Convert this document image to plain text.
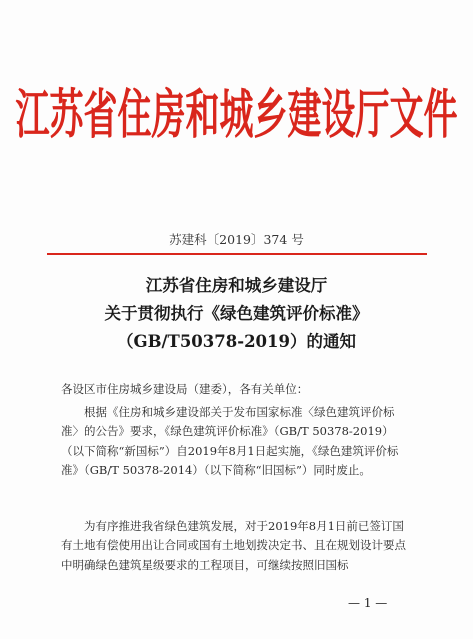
江苏省住房和城乡建设厅文件
苏建科〔2019〕374 号
江苏省住房和城乡建设厅
关于贯彻执行《绿色建筑评价标准》
（GB/T50378-2019）的通知
各设区市住房城乡建设局（建委），各有关单位：
根据《住房和城乡建设部关于发布国家标准〈绿色建筑评价标准〉的公告》要求，《绿色建筑评价标准》（GB/T 50378-2019）（以下简称“新国标”）自2019年8月1日起实施，《绿色建筑评价标准》（GB/T 50378-2014）（以下简称“旧国标”）同时废止。
为有序推进我省绿色建筑发展，对于2019年8月1日前已签订国有土地有偿使用出让合同或国有土地划拨决定书、且在规划设计要点中明确绿色建筑星级要求的工程项目，可继续按照旧国标
— 1 —
